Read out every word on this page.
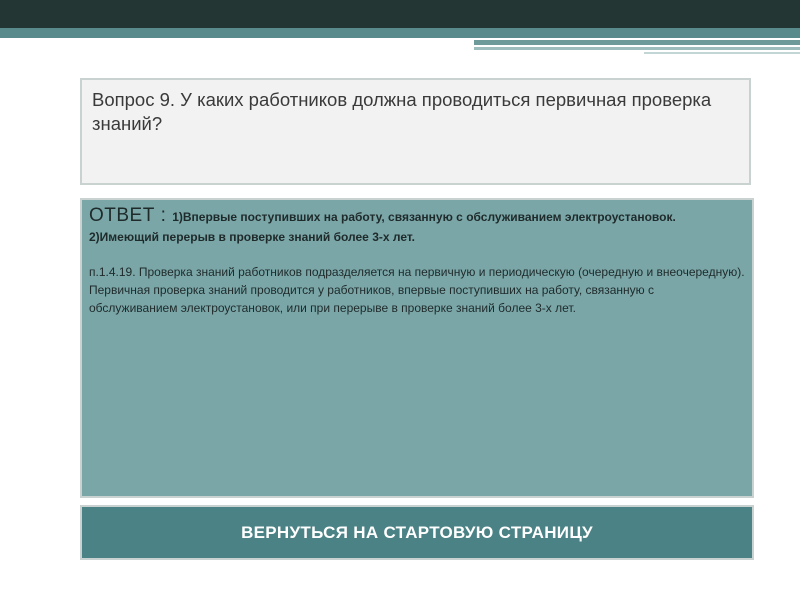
Вопрос 9. У каких работников должна проводиться первичная проверка знаний?
ОТВЕТ : 1)Впервые поступивших на работу, связанную с обслуживанием электроустановок.
2)Имеющий перерыв в проверке знаний более 3-х лет.
п.1.4.19. Проверка знаний работников подразделяется на первичную и периодическую (очередную и внеочередную).
Первичная проверка знаний проводится у работников, впервые поступивших на работу, связанную с обслуживанием электроустановок, или при перерыве в проверке знаний более 3-х лет.
ВЕРНУТЬСЯ НА СТАРТОВУЮ СТРАНИЦУ
